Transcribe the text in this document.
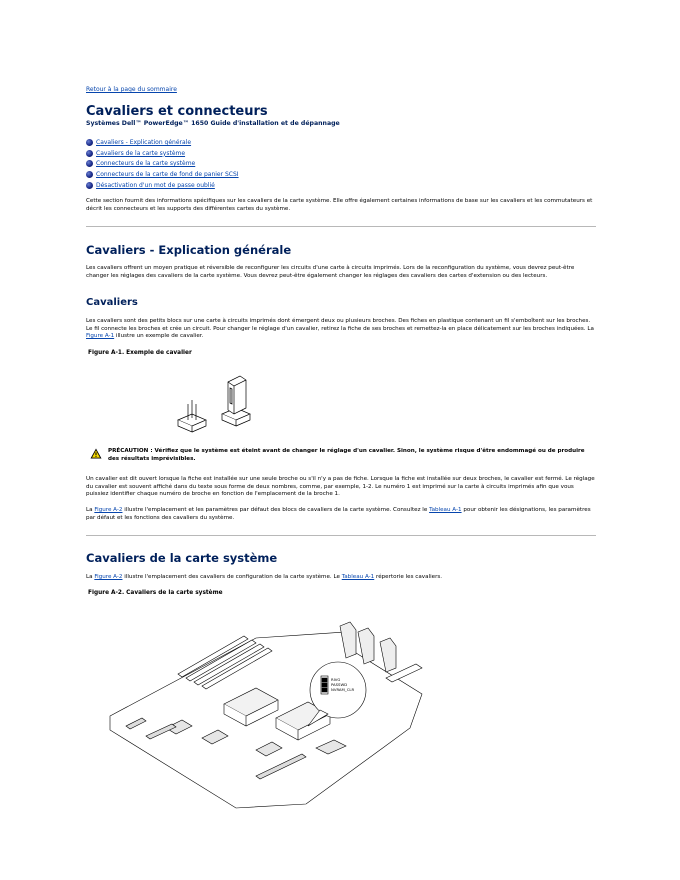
Retour à la page du sommaire
Cavaliers et connecteurs
Systèmes Dell™ PowerEdge™ 1650 Guide d'installation et de dépannage
Cavaliers - Explication générale
Cavaliers de la carte système
Connecteurs de la carte système
Connecteurs de la carte de fond de panier SCSI
Désactivation d'un mot de passe oublié

Cette section fournit des informations spécifiques sur les cavaliers de la carte système. Elle offre également certaines informations de base sur les cavaliers et les commutateurs et décrit les connecteurs et les supports des différentes cartes du système.

Cavaliers - Explication générale

Les cavaliers offrent un moyen pratique et réversible de reconfigurer les circuits d'une carte à circuits imprimés. Lors de la reconfiguration du système, vous devrez peut-être changer les réglages des cavaliers de la carte système. Vous devrez peut-être également changer les réglages des cavaliers des cartes d'extension ou des lecteurs.

Cavaliers

Les cavaliers sont des petits blocs sur une carte à circuits imprimés dont émergent deux ou plusieurs broches. Des fiches en plastique contenant un fil s'emboîtent sur les broches. Le fil connecte les broches et crée un circuit. Pour changer le réglage d'un cavalier, retirez la fiche de ses broches et remettez-la en place délicatement sur les broches indiquées. La Figure A-1 illustre un exemple de cavalier.

Figure A-1. Exemple de cavalier
PRÉCAUTION : Vérifiez que le système est éteint avant de changer le réglage d'un cavalier. Sinon, le système risque d'être endommagé ou de produire des résultats imprévisibles.

Un cavalier est dit ouvert lorsque la fiche est installée sur une seule broche ou s'il n'y a pas de fiche. Lorsque la fiche est installée sur deux broches, le cavalier est fermé. Le réglage du cavalier est souvent affiché dans du texte sous forme de deux nombres, comme, par exemple, 1-2. Le numéro 1 est imprimé sur la carte à circuits imprimés afin que vous puissiez identifier chaque numéro de broche en fonction de l'emplacement de la broche 1.

La Figure A-2 illustre l'emplacement et les paramètres par défaut des blocs de cavaliers de la carte système. Consultez le Tableau A-1 pour obtenir les désignations, les paramètres par défaut et les fonctions des cavaliers du système.

Cavaliers de la carte système

La Figure A-2 illustre l'emplacement des cavaliers de configuration de la carte système. Le Tableau A-1 répertorie les cavaliers.

Figure A-2. Cavaliers de la carte système
RIVG
PASSWD
NVRAM_CLR
